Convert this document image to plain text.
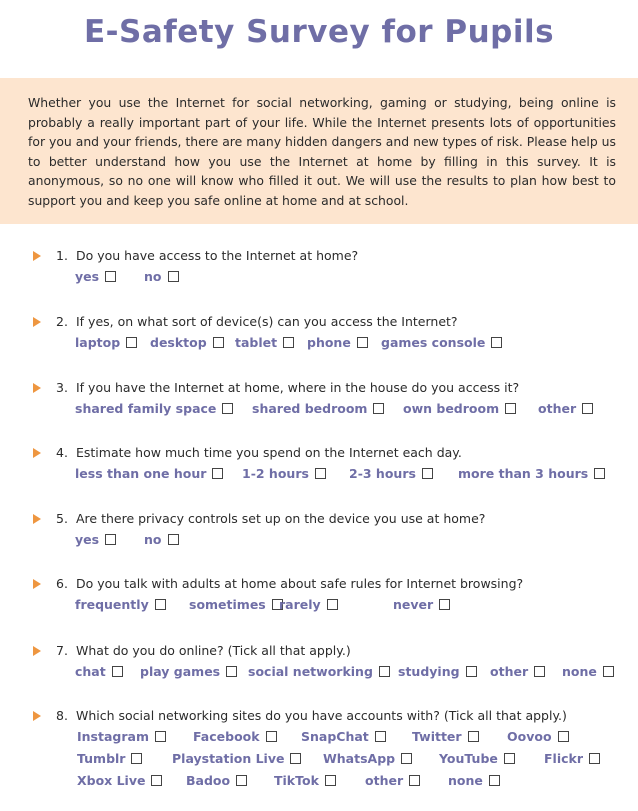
E-Safety Survey for Pupils

Whether you use the Internet for social networking, gaming or studying, being online is probably a really important part of your life. While the Internet presents lots of opportunities for you and your friends, there are many hidden dangers and new types of risk. Please help us to better understand how you use the Internet at home by filling in this survey. It is anonymous, so no one will know who filled it out. We will use the results to plan how best to support you and keep you safe online at home and at school.

1. Do you have access to the Internet at home?
yes	no
2. If yes, on what sort of device(s) can you access the Internet?
laptop desktop tablet phone games console
3. If you have the Internet at home, where in the house do you access it?
shared family space	shared bedroom	own bedroom	other
4. Estimate how much time you spend on the Internet each day.
less than one hour	1-2 hours	2-3 hours	more than 3 hours
5. Are there privacy controls set up on the device you use at home?
yes	no
6. Do you talk with adults at home about safe rules for Internet browsing?
frequently	sometimes rarely	never
7. What do you do online? (Tick all that apply.)
chat	play games social networking studying other	none
8. Which social networking sites do you have accounts with? (Tick all that apply.)
Instagram	Facebook	SnapChat	Twitter	Oovoo
Tumblr	Playstation Live	WhatsApp	YouTube	Flickr
Xbox Live	Badoo	TikTok	other	none
